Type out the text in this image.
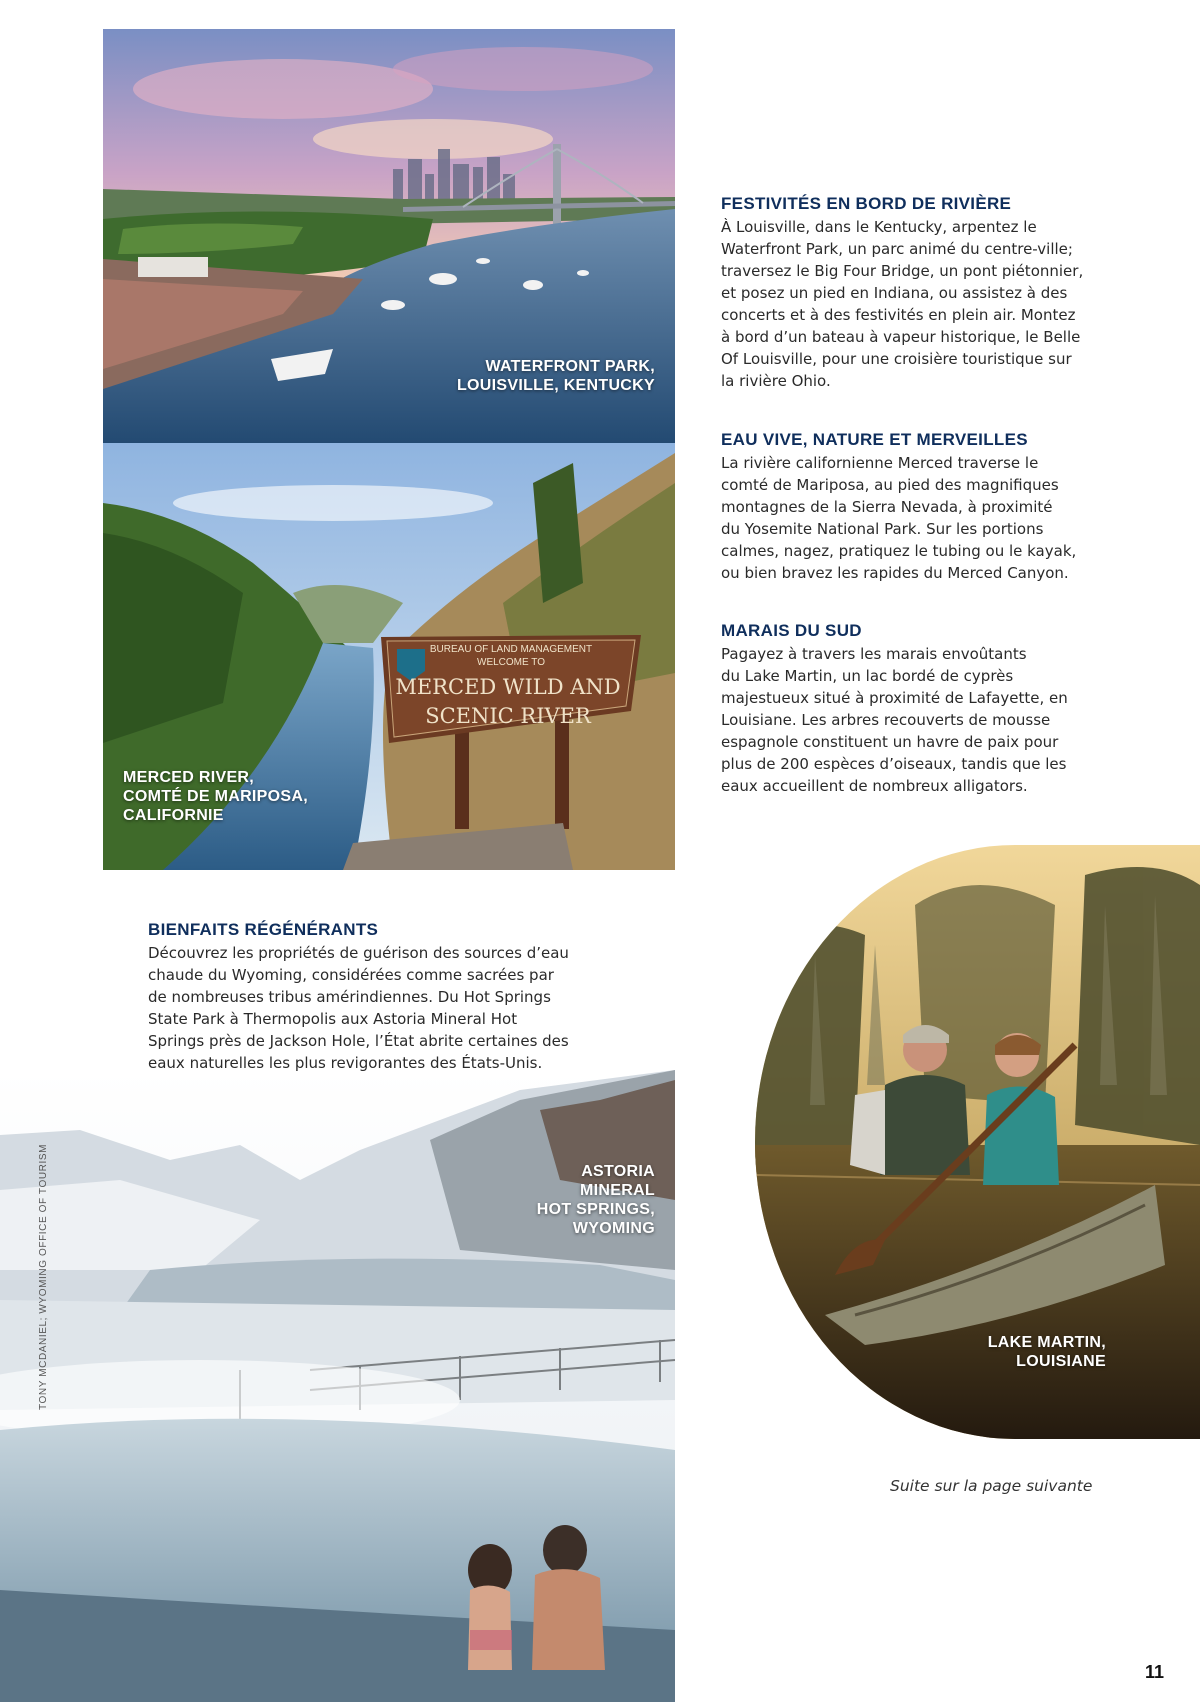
WATERFRONT PARK,
LOUISVILLE, KENTUCKY
BUREAU OF LAND MANAGEMENT
WELCOME TO
MERCED WILD AND
SCENIC RIVER
MERCED RIVER,
COMTÉ DE MARIPOSA,
CALIFORNIE
ASTORIA
MINERAL
HOT SPRINGS,
WYOMING
LAKE MARTIN,
LOUISIANE
FESTIVITÉS EN BORD DE RIVIÈRE

À Louisville, dans le Kentucky, arpentez le
Waterfront Park, un parc animé du centre-ville;
traversez le Big Four Bridge, un pont piétonnier,
et posez un pied en Indiana, ou assistez à des
concerts et à des festivités en plein air. Montez
à bord d’un bateau à vapeur historique, le Belle
Of Louisville, pour une croisière touristique sur
la rivière Ohio.

EAU VIVE, NATURE ET MERVEILLES

La rivière californienne Merced traverse le
comté de Mariposa, au pied des magnifiques
montagnes de la Sierra Nevada, à proximité
du Yosemite National Park. Sur les portions
calmes, nagez, pratiquez le tubing ou le kayak,
ou bien bravez les rapides du Merced Canyon.

MARAIS DU SUD

Pagayez à travers les marais envoûtants
du Lake Martin, un lac bordé de cyprès
majestueux situé à proximité de Lafayette, en
Louisiane. Les arbres recouverts de mousse
espagnole constituent un havre de paix pour
plus de 200 espèces d’oiseaux, tandis que les
eaux accueillent de nombreux alligators.

BIENFAITS RÉGÉNÉRANTS

Découvrez les propriétés de guérison des sources d’eau
chaude du Wyoming, considérées comme sacrées par
de nombreuses tribus amérindiennes. Du Hot Springs
State Park à Thermopolis aux Astoria Mineral Hot
Springs près de Jackson Hole, l’État abrite certaines des
eaux naturelles les plus revigorantes des États-Unis.

TONY MCDANIEL; WYOMING OFFICE OF TOURISM
Suite sur la page suivante
11
